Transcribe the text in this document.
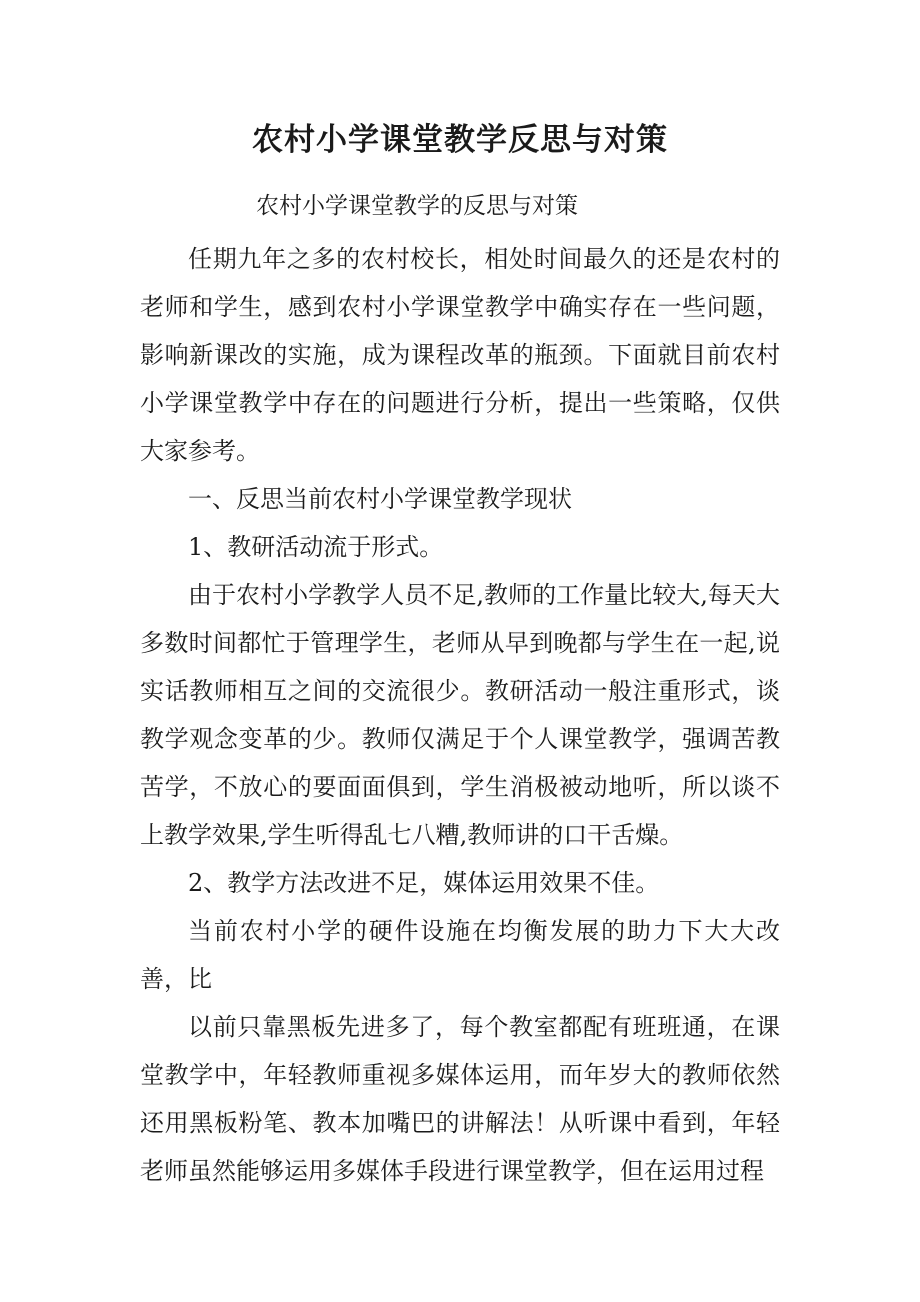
农村小学课堂教学反思与对策
农村小学课堂教学的反思与对策

任期九年之多的农村校长，相处时间最久的还是农村的老师和学生，感到农村小学课堂教学中确实存在一些问题，影响新课改的实施，成为课程改革的瓶颈。下面就目前农村小学课堂教学中存在的问题进行分析，提出一些策略，仅供大家参考。

一、反思当前农村小学课堂教学现状

1、教研活动流于形式。

由于农村小学教学人员不足,教师的工作量比较大,每天大多数时间都忙于管理学生，老师从早到晚都与学生在一起,说实话教师相互之间的交流很少。教研活动一般注重形式，谈教学观念变革的少。教师仅满足于个人课堂教学，强调苦教苦学，不放心的要面面俱到，学生消极被动地听，所以谈不上教学效果,学生听得乱七八糟,教师讲的口干舌燥。

2、教学方法改进不足，媒体运用效果不佳。

当前农村小学的硬件设施在均衡发展的助力下大大改善，比

以前只靠黑板先进多了，每个教室都配有班班通，在课堂教学中，年轻教师重视多媒体运用，而年岁大的教师依然还用黑板粉笔、教本加嘴巴的讲解法！从听课中看到，年轻老师虽然能够运用多媒体手段进行课堂教学，但在运用过程
